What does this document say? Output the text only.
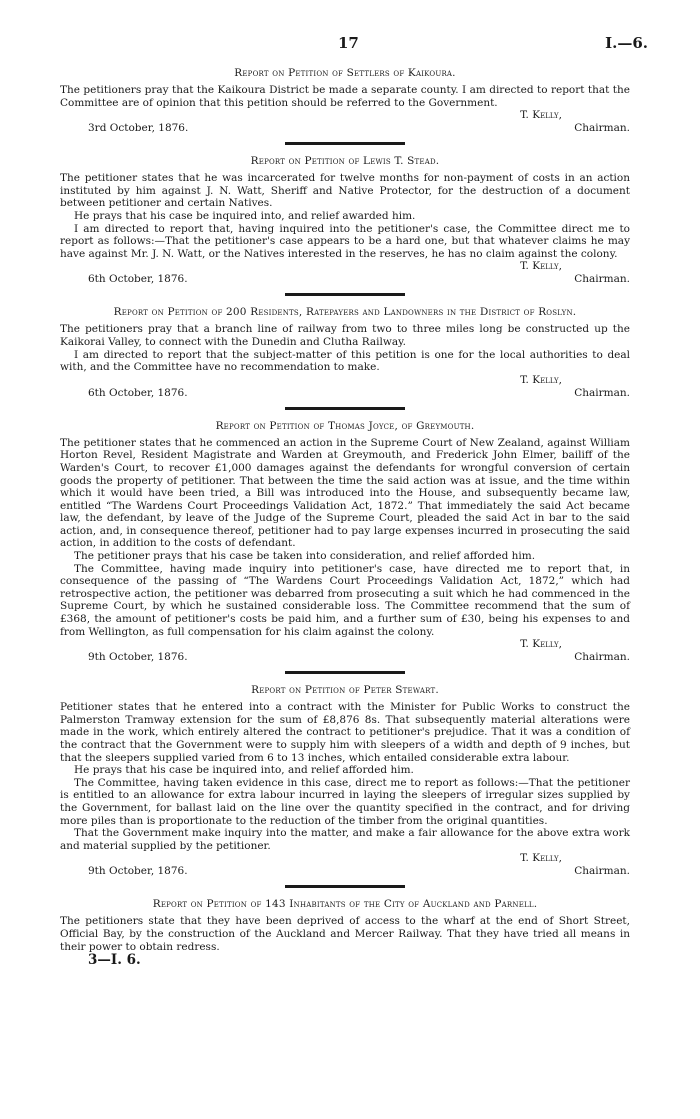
17	I.—6.
Report on Petition of Settlers of Kaikoura.

The petitioners pray that the Kaikoura District be made a separate county. I am directed to report that the Committee are of opinion that this petition should be referred to the Government.

T. Kelly,
3rd October, 1876.	Chairman.
Report on Petition of Lewis T. Stead.

The petitioner states that he was incarcerated for twelve months for non-payment of costs in an action instituted by him against J. N. Watt, Sheriff and Native Protector, for the destruction of a document between petitioner and certain Natives.

He prays that his case be inquired into, and relief awarded him.

I am directed to report that, having inquired into the petitioner's case, the Committee direct me to report as follows:—That the petitioner's case appears to be a hard one, but that whatever claims he may have against Mr. J. N. Watt, or the Natives interested in the reserves, he has no claim against the colony.

T. Kelly,
6th October, 1876.	Chairman.
Report on Petition of 200 Residents, Ratepayers and Landowners in the District of Roslyn.

The petitioners pray that a branch line of railway from two to three miles long be constructed up the Kaikorai Valley, to connect with the Dunedin and Clutha Railway.

I am directed to report that the subject-matter of this petition is one for the local authorities to deal with, and the Committee have no recommendation to make.

T. Kelly,
6th October, 1876.	Chairman.
Report on Petition of Thomas Joyce, of Greymouth.

The petitioner states that he commenced an action in the Supreme Court of New Zealand, against William Horton Revel, Resident Magistrate and Warden at Greymouth, and Frederick John Elmer, bailiff of the Warden's Court, to recover £1,000 damages against the defendants for wrongful conversion of certain goods the property of petitioner. That between the time the said action was at issue, and the time within which it would have been tried, a Bill was introduced into the House, and subsequently became law, entitled “The Wardens Court Proceedings Validation Act, 1872.” That immediately the said Act became law, the defendant, by leave of the Judge of the Supreme Court, pleaded the said Act in bar to the said action, and, in consequence thereof, petitioner had to pay large expenses incurred in prosecuting the said action, in addition to the costs of defendant.

The petitioner prays that his case be taken into consideration, and relief afforded him.

The Committee, having made inquiry into petitioner's case, have directed me to report that, in consequence of the passing of “The Wardens Court Proceedings Validation Act, 1872,” which had retrospective action, the petitioner was debarred from prosecuting a suit which he had commenced in the Supreme Court, by which he sustained considerable loss. The Committee recommend that the sum of £368, the amount of petitioner's costs be paid him, and a further sum of £30, being his expenses to and from Wellington, as full compensation for his claim against the colony.

T. Kelly,
9th October, 1876.	Chairman.
Report on Petition of Peter Stewart.

Petitioner states that he entered into a contract with the Minister for Public Works to construct the Palmerston Tramway extension for the sum of £8,876 8s. That subsequently material alterations were made in the work, which entirely altered the contract to petitioner's prejudice. That it was a condition of the contract that the Government were to supply him with sleepers of a width and depth of 9 inches, but that the sleepers supplied varied from 6 to 13 inches, which entailed considerable extra labour.

He prays that his case be inquired into, and relief afforded him.

The Committee, having taken evidence in this case, direct me to report as follows:—That the petitioner is entitled to an allowance for extra labour incurred in laying the sleepers of irregular sizes supplied by the Government, for ballast laid on the line over the quantity specified in the contract, and for driving more piles than is proportionate to the reduction of the timber from the original quantities.

That the Government make inquiry into the matter, and make a fair allowance for the above extra work and material supplied by the petitioner.

T. Kelly,
9th October, 1876.	Chairman.
Report on Petition of 143 Inhabitants of the City of Auckland and Parnell.

The petitioners state that they have been deprived of access to the wharf at the end of Short Street, Official Bay, by the construction of the Auckland and Mercer Railway. That they have tried all means in their power to obtain redress.

3—I. 6.
